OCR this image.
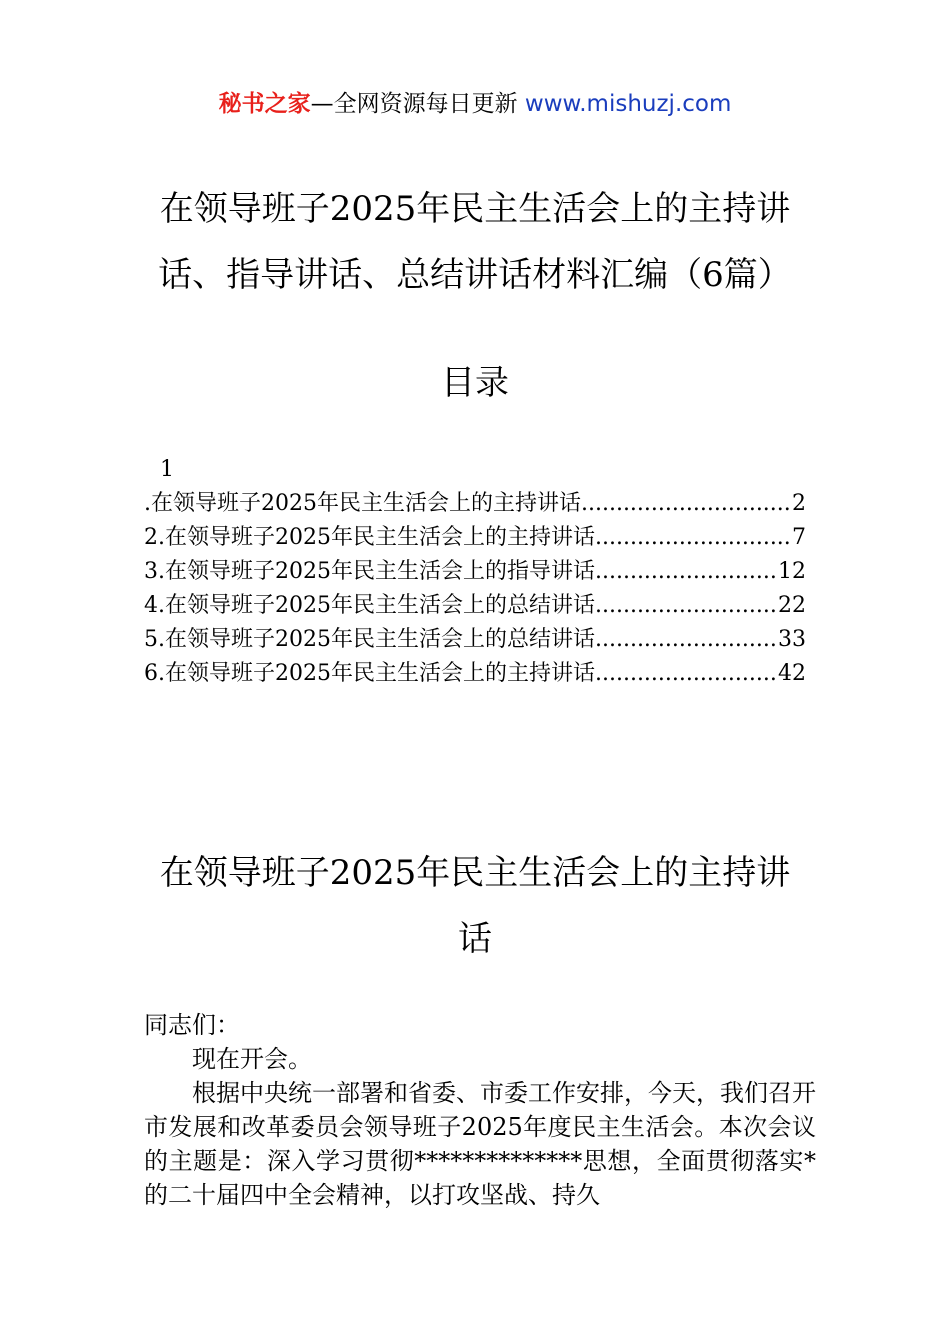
秘书之家—全网资源每日更新 www.mishuzj.com
在领导班子2025年民主生活会上的主持讲
话、指导讲话、总结讲话材料汇编（6篇）
目录
1
.在领导班子2025年民主生活会上的主持讲话 .....	2
2.在领导班子2025年民主生活会上的主持讲话 .....	7
3.在领导班子2025年民主生活会上的指导讲话 .....	12
4.在领导班子2025年民主生活会上的总结讲话 .....	22
5.在领导班子2025年民主生活会上的总结讲话 .....	33
6.在领导班子2025年民主生活会上的主持讲话 .....	42
在领导班子2025年民主生活会上的主持讲
话

同志们：

现在开会。

根据中央统一部署和省委、市委工作安排，今天，我们召开市发展和改革委员会领导班子2025年度民主生活会。本次会议的主题是：深入学习贯彻**************思想，全面贯彻落实*的二十届四中全会精神，以打攻坚战、持久
